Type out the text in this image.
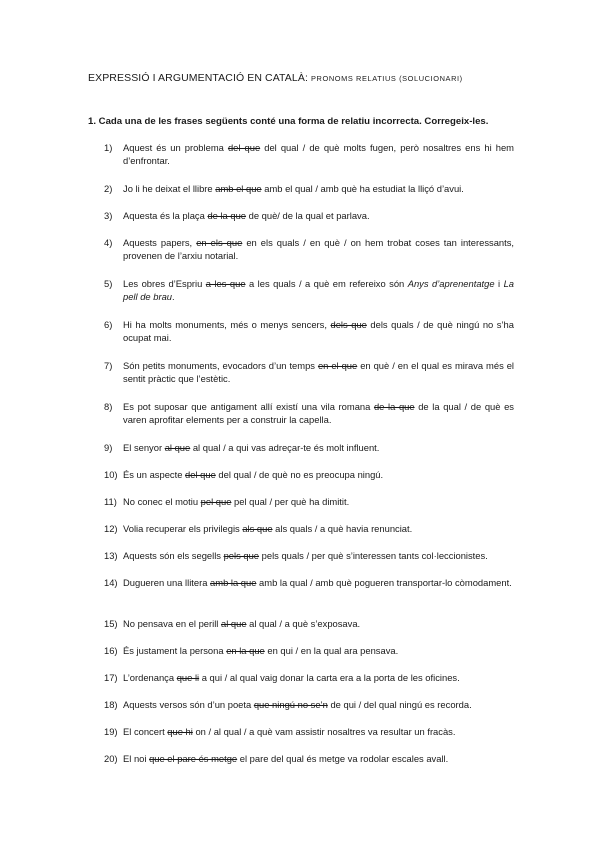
EXPRESSIÓ I ARGUMENTACIÓ EN CATALÀ: PRONOMS RELATIUS (SOLUCIONARI)
1. Cada una de les frases següents conté una forma de relatiu incorrecta. Corregeix-les.
1)	Aquest és un problema del que del qual / de què molts fugen, però nosaltres ens hi hem d’enfrontar.
2)	Jo li he deixat el llibre amb el que amb el qual / amb què ha estudiat la lliçó d’avui.
3)	Aquesta és la plaça de la que de què/ de la qual et parlava.
4)	Aquests papers, en els que en els quals / en què / on hem trobat coses tan interessants, provenen de l’arxiu notarial.
5)	Les obres d’Espriu a les que a les quals / a què em refereixo són Anys d’aprenentatge i La pell de brau.
6)	Hi ha molts monuments, més o menys sencers, dels que dels quals / de què ningú no s’ha ocupat mai.
7)	Són petits monuments, evocadors d’un temps en el que en què / en el qual es mirava més el sentit pràctic que l’estètic.
8)	Es pot suposar que antigament allí existí una vila romana de la que de la qual / de què es varen aprofitar elements per a construir la capella.
9)	El senyor al que al qual / a qui vas adreçar-te és molt influent.
10) És un aspecte del que del qual / de què no es preocupa ningú.
11) No conec el motiu pel que pel qual / per què ha dimitit.
12) Volia recuperar els privilegis als que als quals / a què havia renunciat.
13) Aquests són els segells pels que pels quals / per què s’interessen tants col·leccionistes.
14) Dugueren una llitera amb la que amb la qual / amb què pogueren transportar-lo còmodament.
15) No pensava en el perill al que al qual / a què s’exposava.
16) És justament la persona en la que en qui / en la qual ara pensava.
17) L’ordenança que li a qui / al qual vaig donar la carta era a la porta de les oficines.
18) Aquests versos són d’un poeta que ningú no se’n de qui / del qual ningú es recorda.
19) El concert que hi on / al qual / a què vam assistir nosaltres va resultar un fracàs.
20) El noi que el pare és metge el pare del qual és metge va rodolar escales avall.
